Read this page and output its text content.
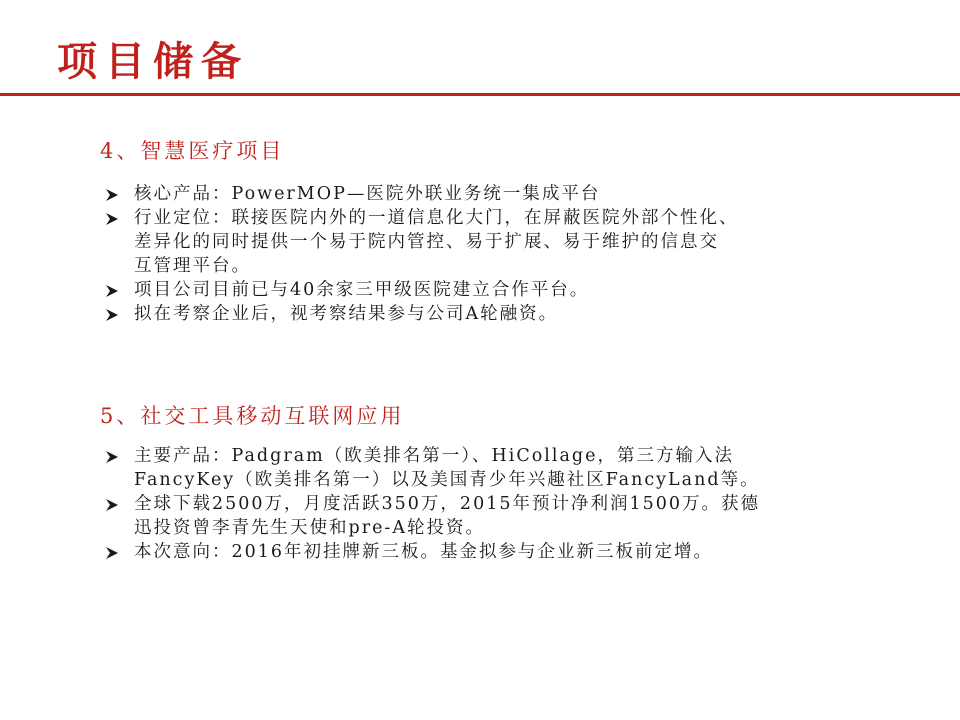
项目储备
4、智慧医疗项目
核心产品：PowerMOP—医院外联业务统一集成平台
行业定位：联接医院内外的一道信息化大门，在屏蔽医院外部个性化、
差异化的同时提供一个易于院内管控、易于扩展、易于维护的信息交
互管理平台。
项目公司目前已与40余家三甲级医院建立合作平台。
拟在考察企业后，视考察结果参与公司A轮融资。
5、社交工具移动互联网应用
主要产品：Padgram（欧美排名第一）、HiCollage，第三方输入法
FancyKey（欧美排名第一）以及美国青少年兴趣社区FancyLand等。
全球下载2500万，月度活跃350万，2015年预计净利润1500万。获德
迅投资曾李青先生天使和pre-A轮投资。
本次意向：2016年初挂牌新三板。基金拟参与企业新三板前定增。
